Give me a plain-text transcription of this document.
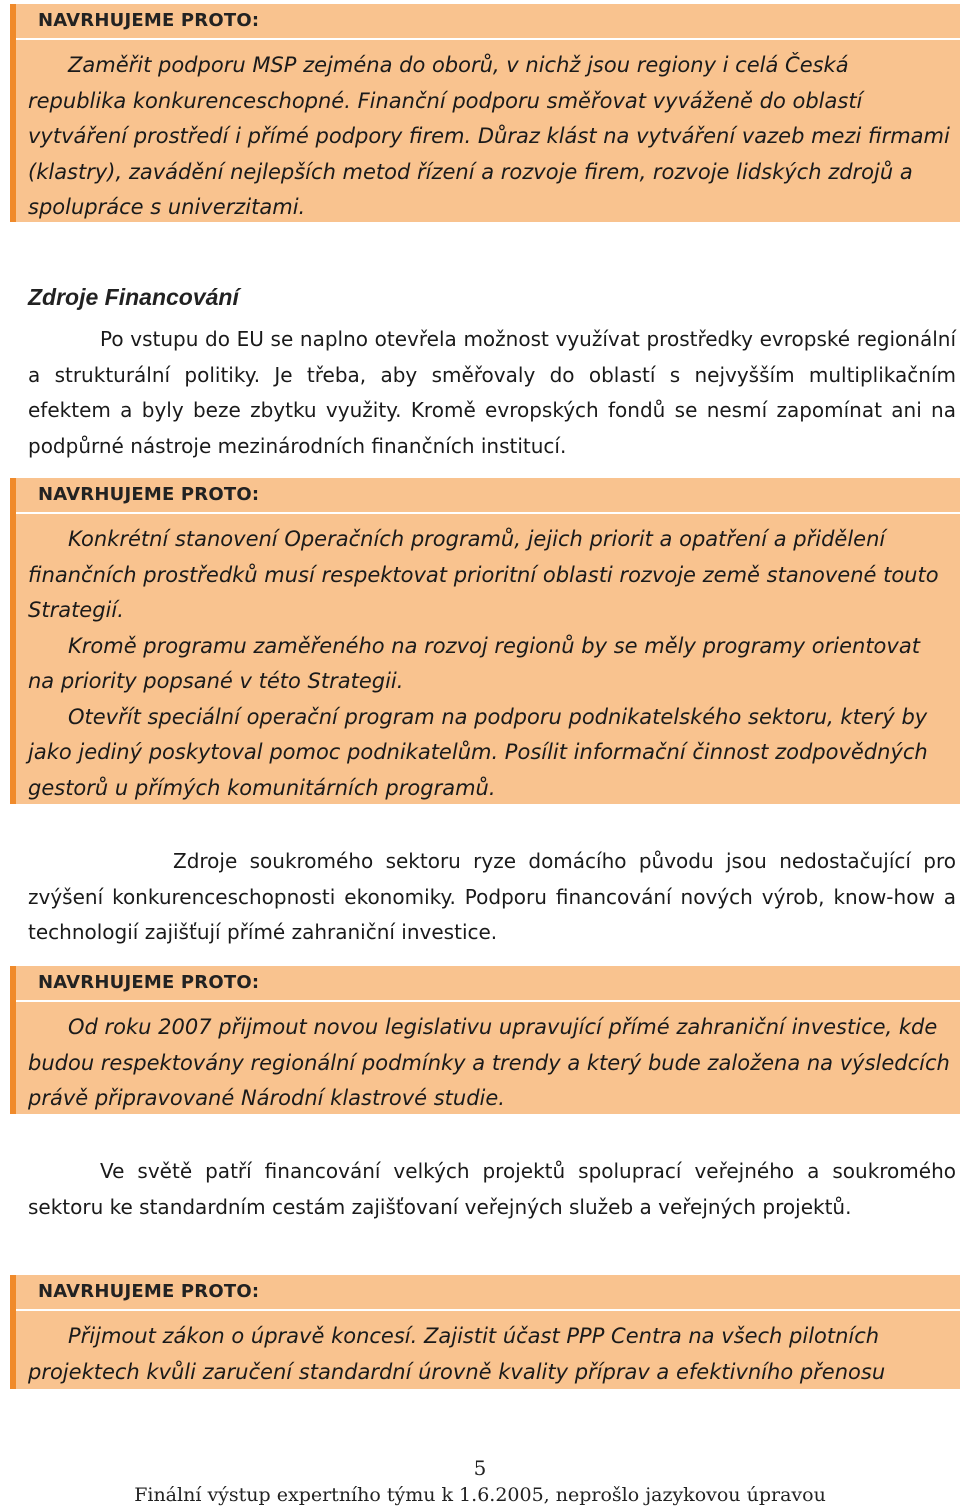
NAVRHUJEME PROTO:

Zaměřit podporu MSP zejména do oborů, v nichž jsou regiony i celá Česká republika konkurenceschopné. Finanční podporu směřovat vyváženě do oblastí vytváření prostředí i přímé podpory firem. Důraz klást na vytváření vazeb mezi firmami (klastry), zavádění nejlepších metod řízení a rozvoje firem, rozvoje lidských zdrojů a spolupráce s univerzitami.

Zdroje Financování

Po vstupu do EU se naplno otevřela možnost využívat prostředky evropské regionální a strukturální politiky. Je třeba, aby směřovaly do oblastí s nejvyšším multiplikačním efektem a byly beze zbytku využity. Kromě evropských fondů se nesmí zapomínat ani na podpůrné nástroje mezinárodních finančních institucí.

NAVRHUJEME PROTO:

Konkrétní stanovení Operačních programů, jejich priorit a opatření a přidělení finančních prostředků musí respektovat prioritní oblasti rozvoje země stanovené touto Strategií.

Kromě programu zaměřeného na rozvoj regionů by se měly programy orientovat na priority popsané v této Strategii.

Otevřít speciální operační program na podporu podnikatelského sektoru, který by jako jediný poskytoval pomoc podnikatelům. Posílit informační činnost zodpovědných gestorů u přímých komunitárních programů.

Zdroje soukromého sektoru ryze domácího původu jsou nedostačující pro zvýšení konkurenceschopnosti ekonomiky. Podporu financování nových výrob, know-how a technologií zajišťují přímé zahraniční investice.

NAVRHUJEME PROTO:

Od roku 2007 přijmout novou legislativu upravující přímé zahraniční investice, kde budou respektovány regionální podmínky a trendy a který bude založena na výsledcích právě připravované Národní klastrové studie.

Ve světě patří financování velkých projektů spoluprací veřejného a soukromého sektoru ke standardním cestám zajišťovaní veřejných služeb a veřejných projektů.

NAVRHUJEME PROTO:

Přijmout zákon o úpravě koncesí. Zajistit účast PPP Centra na všech pilotních projektech kvůli zaručení standardní úrovně kvality příprav a efektivního přenosu

5
Finální výstup expertního týmu k 1.6.2005, neprošlo jazykovou úpravou
